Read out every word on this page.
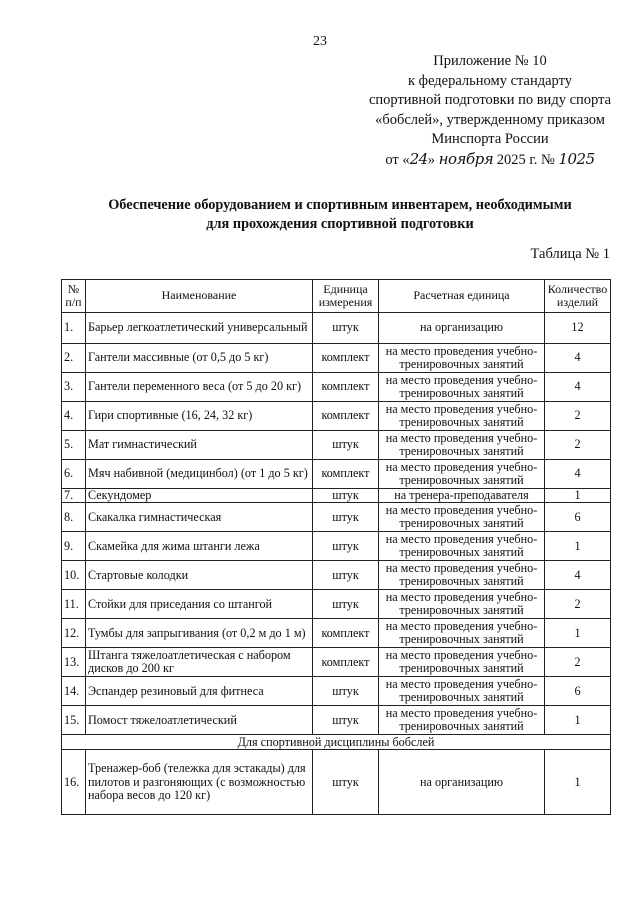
23
Приложение № 10
к федеральному стандарту
спортивной подготовки по виду спорта
«бобслей», утвержденному приказом
Минспорта России
от «24» ноября 2025 г. № 1025
Обеспечение оборудованием и спортивным инвентарем, необходимыми
для прохождения спортивной подготовки
Таблица № 1
№ п/п	Наименование	Единица измерения	Расчетная единица	Количество изделий
1.	Барьер легкоатлетический универсальный	штук	на организацию	12
2.	Гантели массивные (от 0,5 до 5 кг)	комплект	на место проведения учебно-тренировочных занятий	4
3.	Гантели переменного веса (от 5 до 20 кг)	комплект	на место проведения учебно-тренировочных занятий	4
4.	Гири спортивные (16, 24, 32 кг)	комплект	на место проведения учебно-тренировочных занятий	2
5.	Мат гимнастический	штук	на место проведения учебно-тренировочных занятий	2
6.	Мяч набивной (медицинбол) (от 1 до 5 кг)	комплект	на место проведения учебно-тренировочных занятий	4
7.	Секундомер	штук	на тренера-преподавателя	1
8.	Скакалка гимнастическая	штук	на место проведения учебно-тренировочных занятий	6
9.	Скамейка для жима штанги лежа	штук	на место проведения учебно-тренировочных занятий	1
10.	Стартовые колодки	штук	на место проведения учебно-тренировочных занятий	4
11.	Стойки для приседания со штангой	штук	на место проведения учебно-тренировочных занятий	2
12.	Тумбы для запрыгивания (от 0,2 м до 1 м)	комплект	на место проведения учебно-тренировочных занятий	1
13.	Штанга тяжелоатлетическая с набором дисков до 200 кг	комплект	на место проведения учебно-тренировочных занятий	2
14.	Эспандер резиновый для фитнеса	штук	на место проведения учебно-тренировочных занятий	6
15.	Помост тяжелоатлетический	штук	на место проведения учебно-тренировочных занятий	1
Для спортивной дисциплины бобслей				
16.	Тренажер-боб (тележка для эстакады) для пилотов и разгоняющих (с возможностью набора весов до 120 кг)	штук	на организацию	1
